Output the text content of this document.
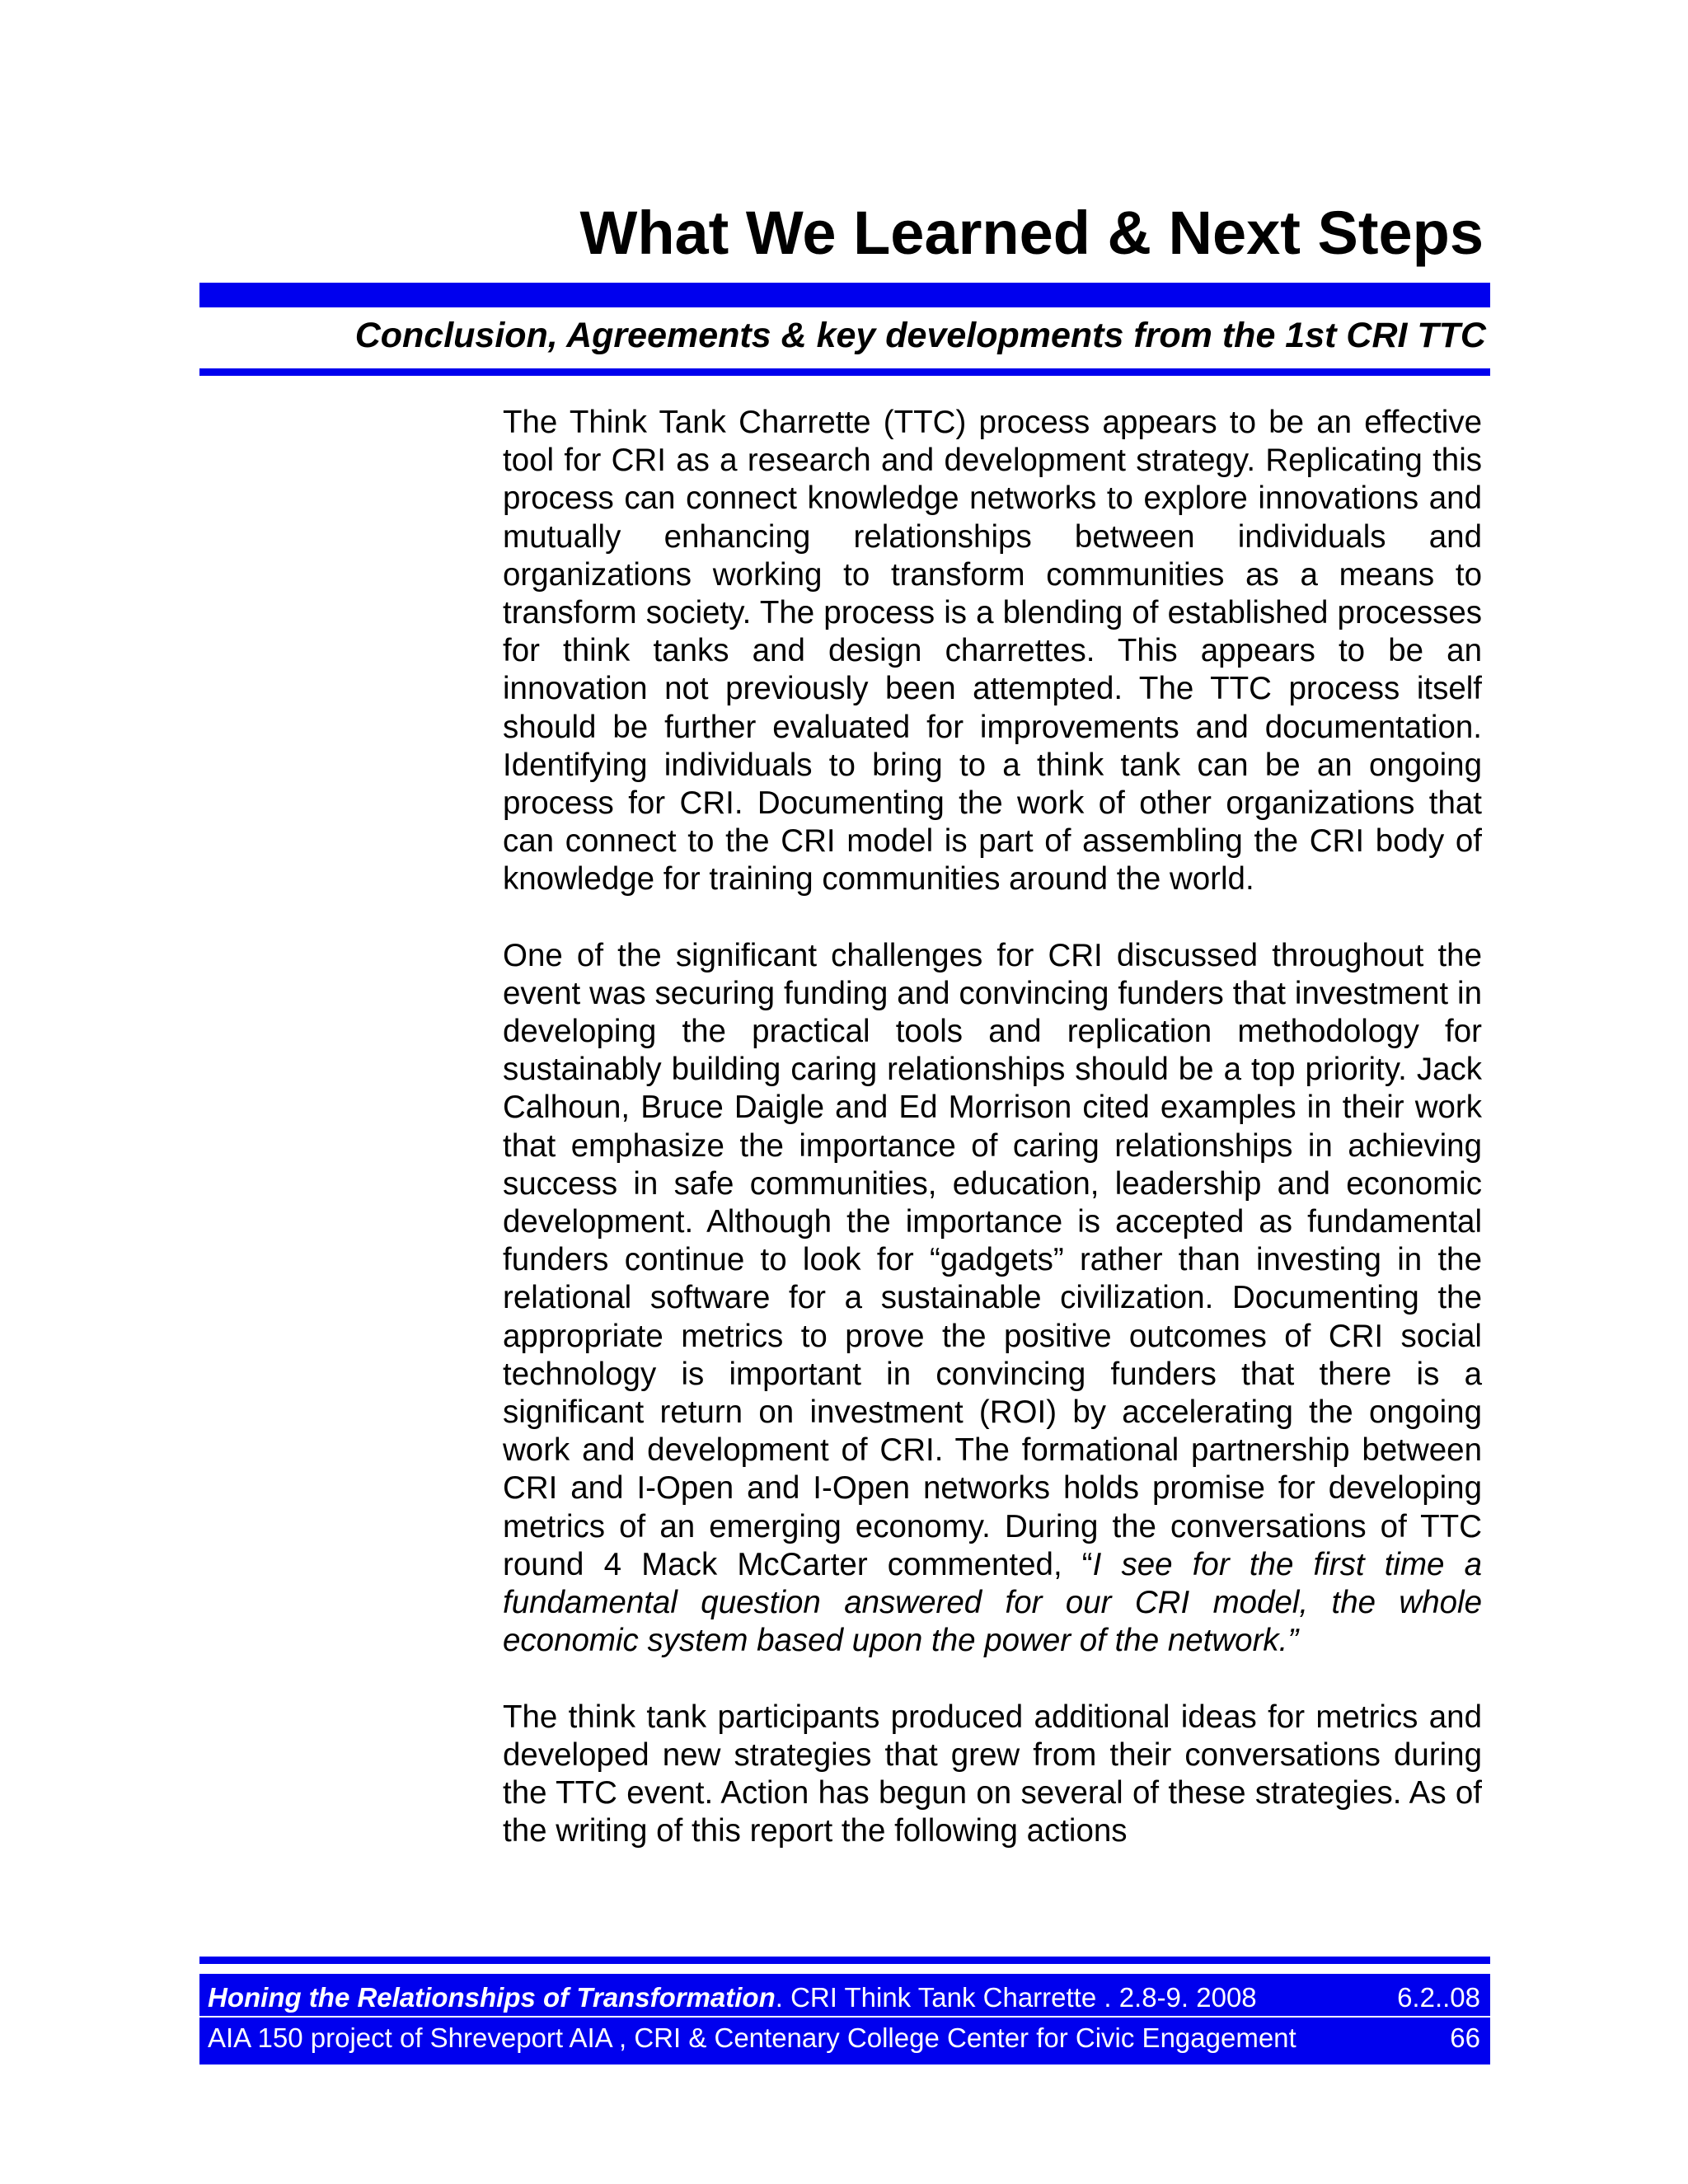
What We Learned & Next Steps
Conclusion, Agreements & key developments from the 1st CRI TTC

The Think Tank Charrette (TTC) process appears to be an effective tool for CRI as a research and development strategy. Replicating this process can connect knowledge networks to explore innovations and mutually enhancing relationships between individuals and organizations working to transform communities as a means to transform society. The process is a blending of established processes for think tanks and design charrettes. This appears to be an innovation not previously been attempted. The TTC process itself should be further evaluated for improvements and documentation. Identifying individuals to bring to a think tank can be an ongoing process for CRI. Documenting the work of other organizations that can connect to the CRI model is part of assembling the CRI body of knowledge for training communities around the world.

One of the significant challenges for CRI discussed throughout the event was securing funding and convincing funders that investment in developing the practical tools and replication methodology for sustainably building caring relationships should be a top priority. Jack Calhoun, Bruce Daigle and Ed Morrison cited examples in their work that emphasize the importance of caring relationships in achieving success in safe communities, education, leadership and economic development. Although the importance is accepted as fundamental funders continue to look for “gadgets” rather than investing in the relational software for a sustainable civilization. Documenting the appropriate metrics to prove the positive outcomes of CRI social technology is important in convincing funders that there is a significant return on investment (ROI) by accelerating the ongoing work and development of CRI. The formational partnership between CRI and I-Open and I-Open networks holds promise for developing metrics of an emerging economy. During the conversations of TTC round 4 Mack McCarter commented, “I see for the first time a fundamental question answered for our CRI model, the whole economic system based upon the power of the network.”

The think tank participants produced additional ideas for metrics and developed new strategies that grew from their conversations during the TTC event. Action has begun on several of these strategies. As of the writing of this report the following actions

Honing the Relationships of Transformation. CRI Think Tank Charrette . 2.8-9. 2008	6.2..08
AIA 150 project of Shreveport AIA , CRI & Centenary College Center for Civic Engagement	66
